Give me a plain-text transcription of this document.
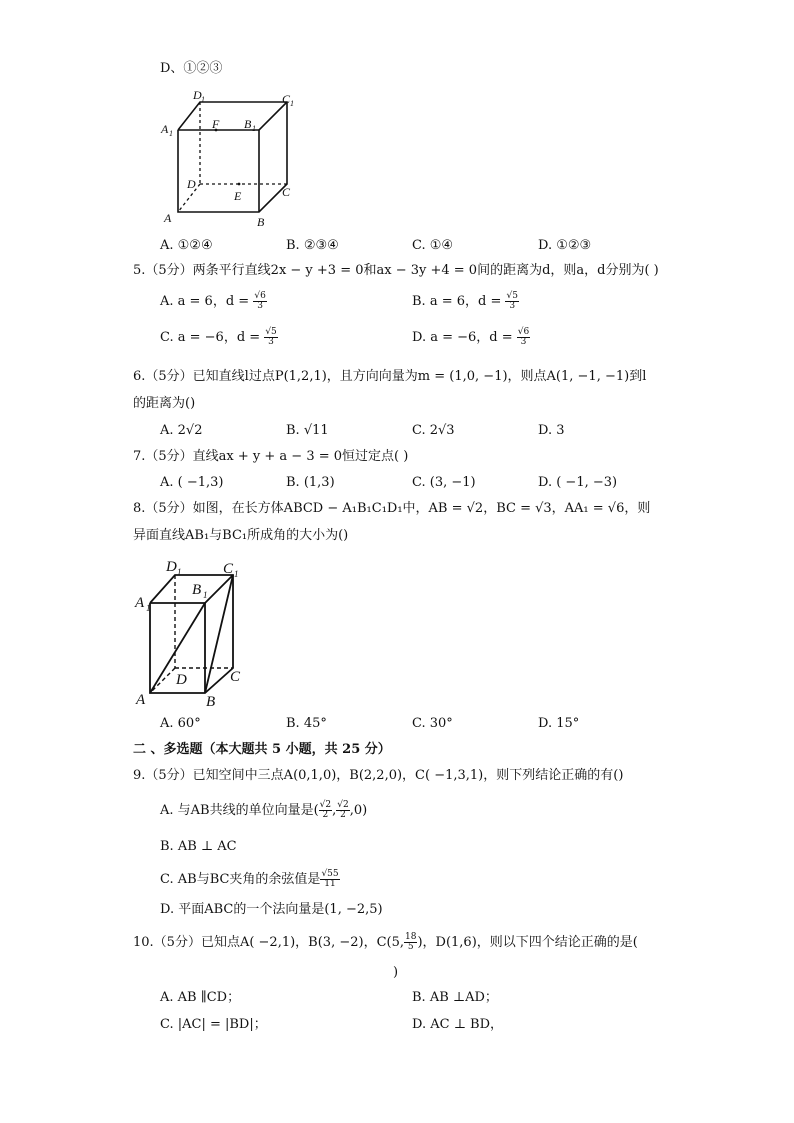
D、①②③
D 1	C 1
A 1
F B 1
D
E	C
A	B
A. ①②④	B. ②③④	C. ①④	D. ①②③
5.（5分）两条平行直线2x − y +3 = 0和ax − 3y +4 = 0间的距离为d，则a，d分别为( )
A. a = 6，$d = \frac{√6}{3}$	B. a = 6，$d = \frac{√5}{3}$
C. a = −6，$d = \frac{√5}{3}$	D. a = −6，$d = \frac{√6}{3}$
6.（5分）已知直线l过点P(1,2,1)，且方向向量为m = (1,0, −1)，则点A(1, −1, −1)到l
的距离为()
A. 2√2	B. √11	C. 2√3	D. 3
7.（5分）直线ax + y + a − 3 = 0恒过定点( )
A. ( −1,3)	B. (1,3)	C. (3, −1)	D. ( −1, −3)
8.（5分）如图，在长方体ABCD − A₁B₁C₁D₁中，AB = √2，BC = √3，AA₁ = √6，则
异面直线AB₁与BC₁所成角的大小为()
D 1	C 1
A 1
B 1
D	C
A	B
A. 60°	B. 45°	C. 30°	D. 15°
二 、多选题（本大题共 5 小题，共 25 分）
9.（5分）已知空间中三点A(0,1,0)，B(2,2,0)，C( −1,3,1)，则下列结论正确的有()
A. 与AB共线的单位向量是( $\frac{√2}{2}$ , $\frac{√2}{2} ,0$)
B. AB ⊥ AC
C. AB与BC夹角的余弦值是 $\frac{√55}{11}$
D. 平面ABC的一个法向量是(1, −2,5)
10.（5分）已知点A( −2,1)，B(3, −2)，C(5, $\frac{18}{5}$ )，D(1,6)，则以下四个结论正确的是(
)
A. AB ∥CD；	B. AB ⊥AD；
C. |AC| = |BD|；	D. AC ⊥ BD，
